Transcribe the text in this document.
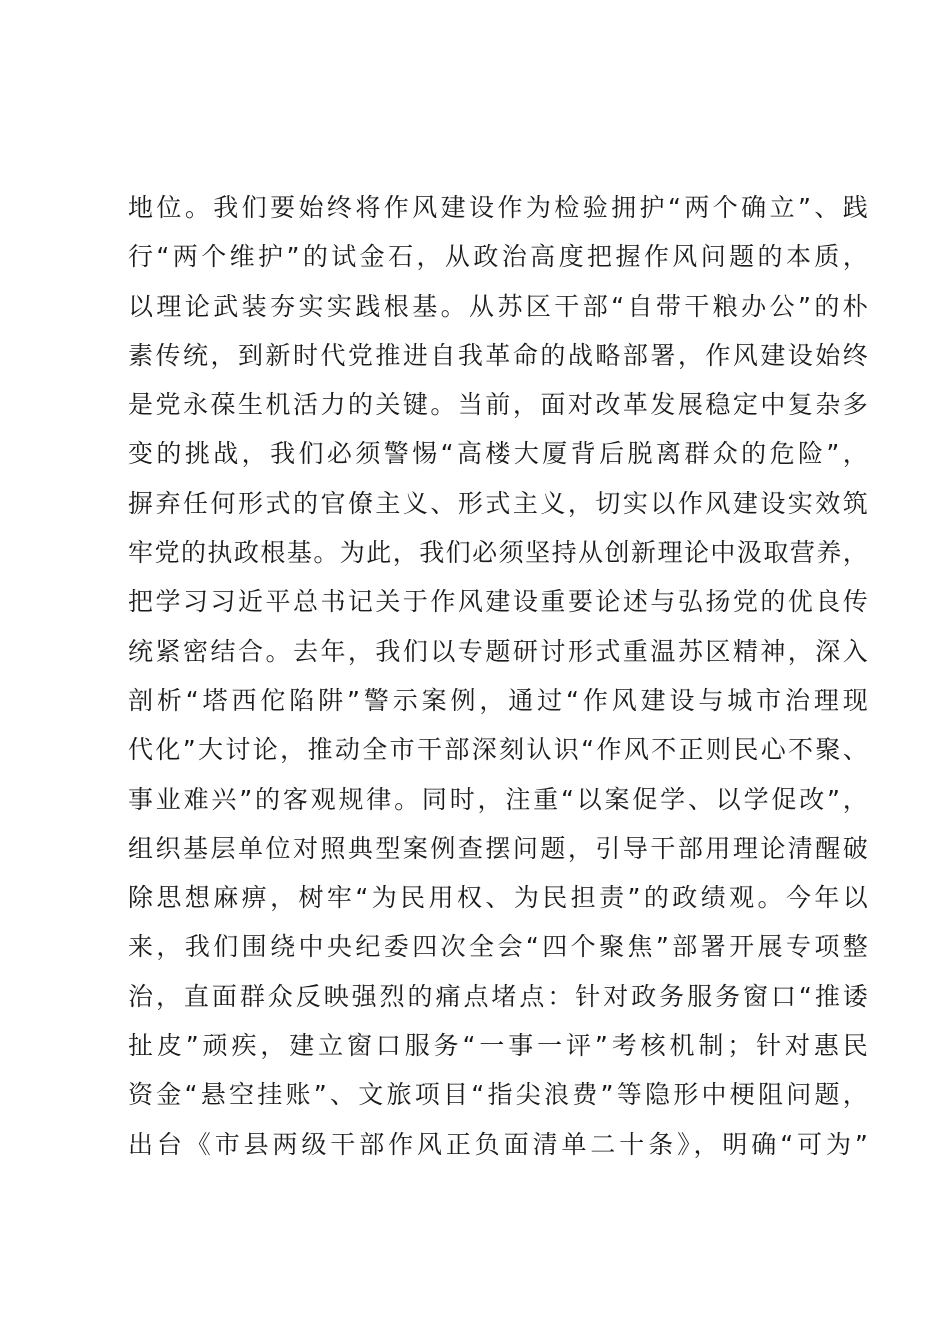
地位。我们要始终将作风建设作为检验拥护“两个确立”、践
行“两个维护”的试金石，从政治高度把握作风问题的本质，
以理论武装夯实实践根基。从苏区干部“自带干粮办公”的朴
素传统，到新时代党推进自我革命的战略部署，作风建设始终
是党永葆生机活力的关键。当前，面对改革发展稳定中复杂多
变的挑战，我们必须警惕“高楼大厦背后脱离群众的危险”，
摒弃任何形式的官僚主义、形式主义，切实以作风建设实效筑
牢党的执政根基。为此，我们必须坚持从创新理论中汲取营养，
把学习习近平总书记关于作风建设重要论述与弘扬党的优良传
统紧密结合。去年，我们以专题研讨形式重温苏区精神，深入
剖析“塔西佗陷阱”警示案例，通过“作风建设与城市治理现
代化”大讨论，推动全市干部深刻认识“作风不正则民心不聚、
事业难兴”的客观规律。同时，注重“以案促学、以学促改”，
组织基层单位对照典型案例查摆问题，引导干部用理论清醒破
除思想麻痹，树牢“为民用权、为民担责”的政绩观。今年以
来，我们围绕中央纪委四次全会“四个聚焦”部署开展专项整
治，直面群众反映强烈的痛点堵点：针对政务服务窗口“推诿
扯皮”顽疾，建立窗口服务“一事一评”考核机制；针对惠民
资金“悬空挂账”、文旅项目“指尖浪费”等隐形中梗阻问题，
出台《市县两级干部作风正负面清单二十条》，明确“可为”
